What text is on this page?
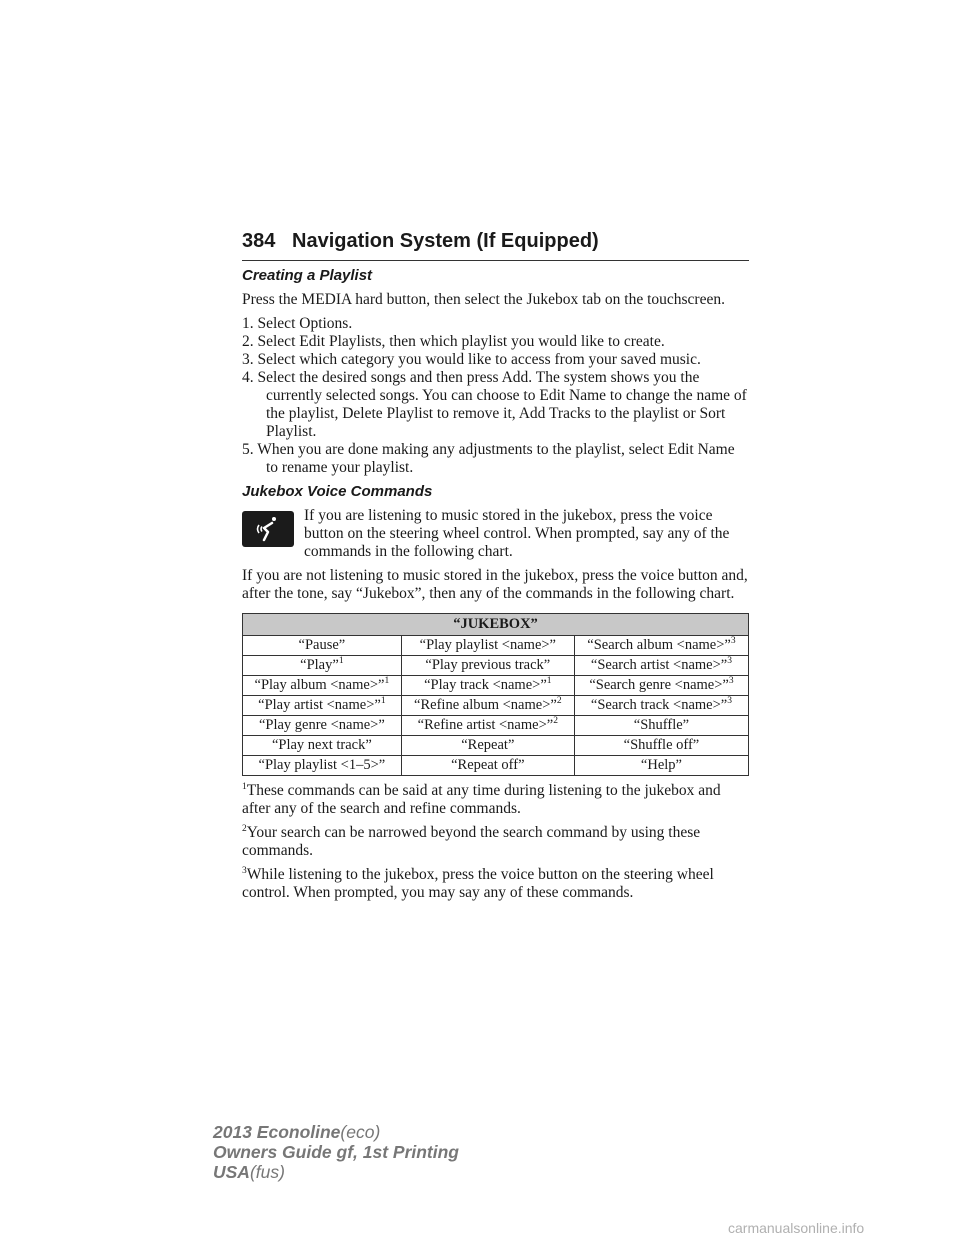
384 Navigation System (If Equipped)
Creating a Playlist

Press the MEDIA hard button, then select the Jukebox tab on the touchscreen.

1. Select Options.
2. Select Edit Playlists, then which playlist you would like to create.
3. Select which category you would like to access from your saved music.
4. Select the desired songs and then press Add. The system shows you the currently selected songs. You can choose to Edit Name to change the name of the playlist, Delete Playlist to remove it, Add Tracks to the playlist or Sort Playlist.
5. When you are done making any adjustments to the playlist, select Edit Name to rename your playlist.
Jukebox Voice Commands

If you are listening to music stored in the jukebox, press the voice button on the steering wheel control. When prompted, say any of the commands in the following chart.

If you are not listening to music stored in the jukebox, press the voice button and, after the tone, say “Jukebox”, then any of the commands in the following chart.

“JUKEBOX”		
“Pause”	“Play playlist <name>”	“Search album <name>”$^3$
“Play”$^1$	“Play previous track”	“Search artist <name>”$^3$
“Play album <name>”$^1$	“Play track <name>”$^1$	“Search genre <name>”$^3$
“Play artist <name>”$^1$	“Refine album <name>”$^2$	“Search track <name>”$^3$
“Play genre <name>”	“Refine artist <name>”$^2$	“Shuffle”
“Play next track”	“Repeat”	“Shuffle off”
“Play playlist <1–5>”	“Repeat off”	“Help”

$^1$These commands can be said at any time during listening to the jukebox and after any of the search and refine commands.

$^2$Your search can be narrowed beyond the search command by using these commands.

$^3$While listening to the jukebox, press the voice button on the steering wheel control. When prompted, you may say any of these commands.

2013 Econoline(eco)
Owners Guide gf, 1st Printing
USA(fus)
carmanualsonline.info
